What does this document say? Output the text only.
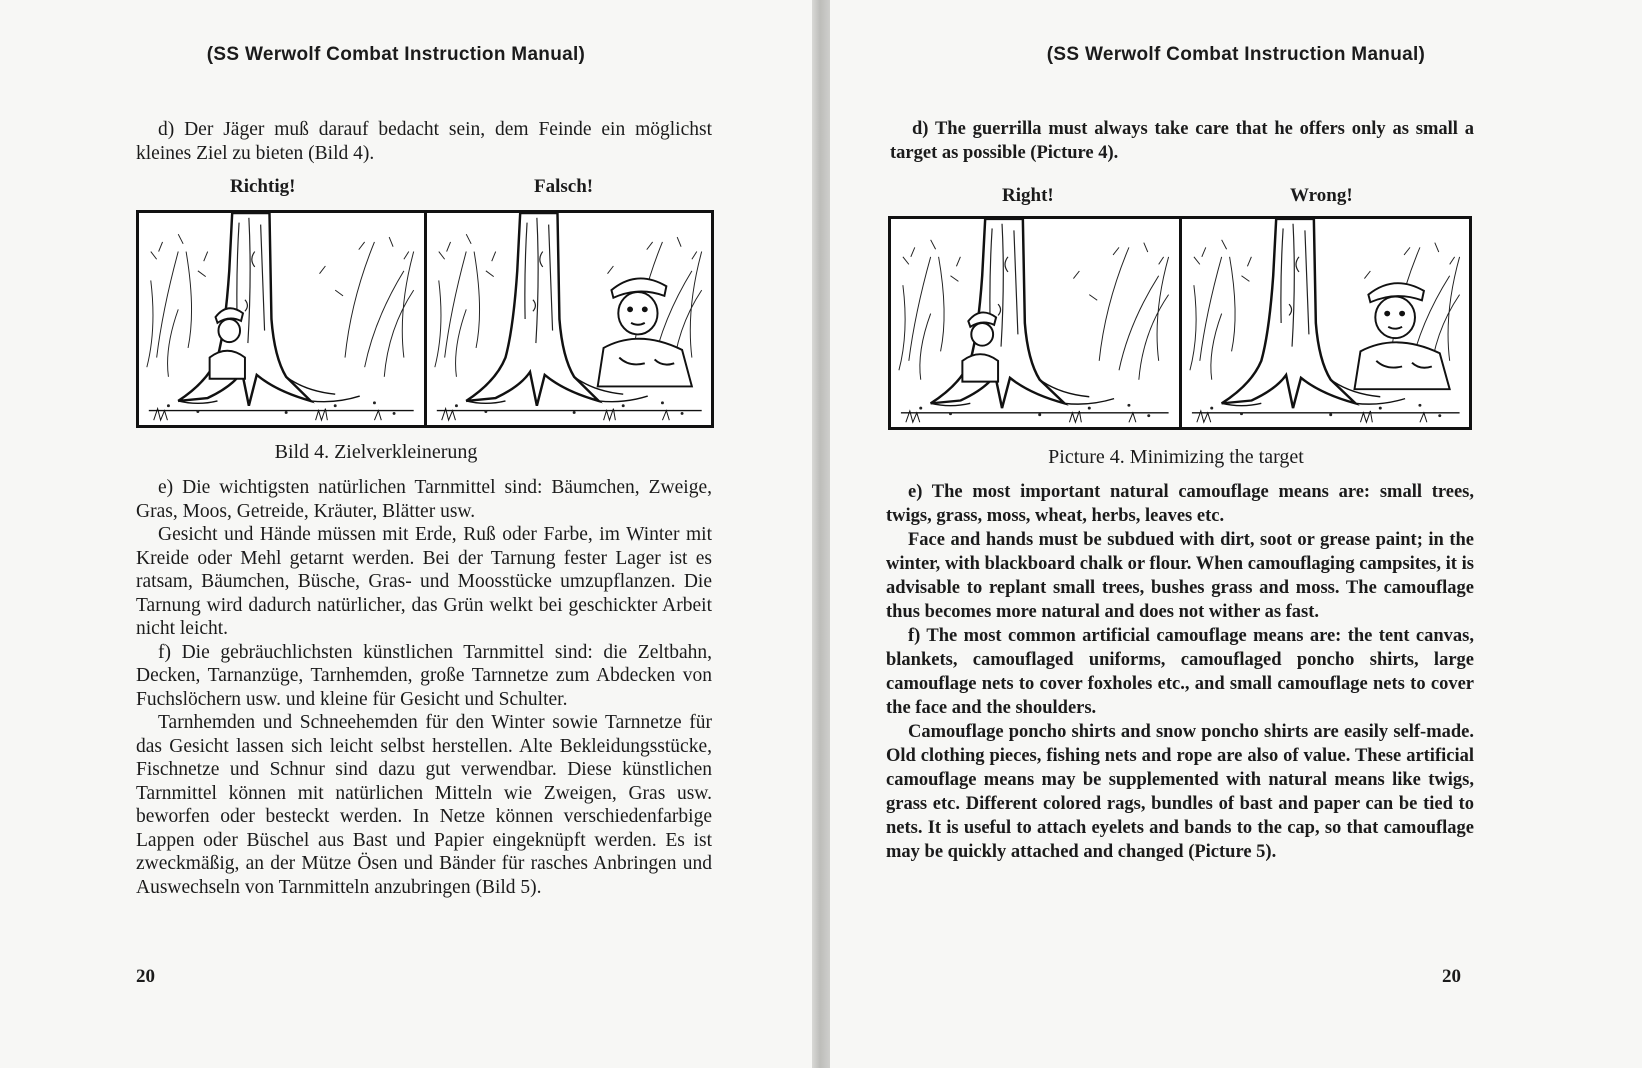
(SS Werwolf Combat Instruction Manual)

d) Der Jäger muß darauf bedacht sein, dem Feinde ein möglichst kleines Ziel zu bieten (Bild 4).

Richtig!	Falsch!
Bild 4. Zielverkleinerung

e) Die wichtigsten natürlichen Tarnmittel sind: Bäumchen, Zweige, Gras, Moos, Getreide, Kräuter, Blätter usw.

Gesicht und Hände müssen mit Erde, Ruß oder Farbe, im Winter mit Kreide oder Mehl getarnt werden. Bei der Tarnung fester Lager ist es ratsam, Bäumchen, Büsche, Gras- und Moosstücke umzupflanzen. Die Tarnung wird dadurch natürlicher, das Grün welkt bei geschickter Arbeit nicht leicht.

f) Die gebräuchlichsten künstlichen Tarnmittel sind: die Zeltbahn, Decken, Tarnanzüge, Tarnhemden, große Tarnnetze zum Abdecken von Fuchslöchern usw. und kleine für Gesicht und Schulter.

Tarnhemden und Schneehemden für den Winter sowie Tarnnetze für das Gesicht lassen sich leicht selbst herstellen. Alte Bekleidungsstücke, Fischnetze und Schnur sind dazu gut verwendbar. Diese künstlichen Tarnmittel können mit natürlichen Mitteln wie Zweigen, Gras usw. beworfen oder besteckt werden. In Netze können verschiedenfarbige Lappen oder Büschel aus Bast und Papier eingeknüpft werden. Es ist zweckmäßig, an der Mütze Ösen und Bänder für rasches Anbringen und Auswechseln von Tarnmitteln anzubringen (Bild 5).

20
(SS Werwolf Combat Instruction Manual)

d) The guerrilla must always take care that he offers only as small a target as possible (Picture 4).

Right!	Wrong!
Picture 4. Minimizing the target

e) The most important natural camouflage means are: small trees, twigs, grass, moss, wheat, herbs, leaves etc.

Face and hands must be subdued with dirt, soot or grease paint; in the winter, with blackboard chalk or flour. When camouflaging campsites, it is advisable to replant small trees, bushes grass and moss. The camouflage thus becomes more natural and does not wither as fast.

f) The most common artificial camouflage means are: the tent canvas, blankets, camouflaged uniforms, camouflaged poncho shirts, large camouflage nets to cover foxholes etc., and small camouflage nets to cover the face and the shoulders.

Camouflage poncho shirts and snow poncho shirts are easily self-made. Old clothing pieces, fishing nets and rope are also of value. These artificial camouflage means may be supplemented with natural means like twigs, grass etc. Different colored rags, bundles of bast and paper can be tied to nets. It is useful to attach eyelets and bands to the cap, so that camouflage may be quickly attached and changed (Picture 5).

20
